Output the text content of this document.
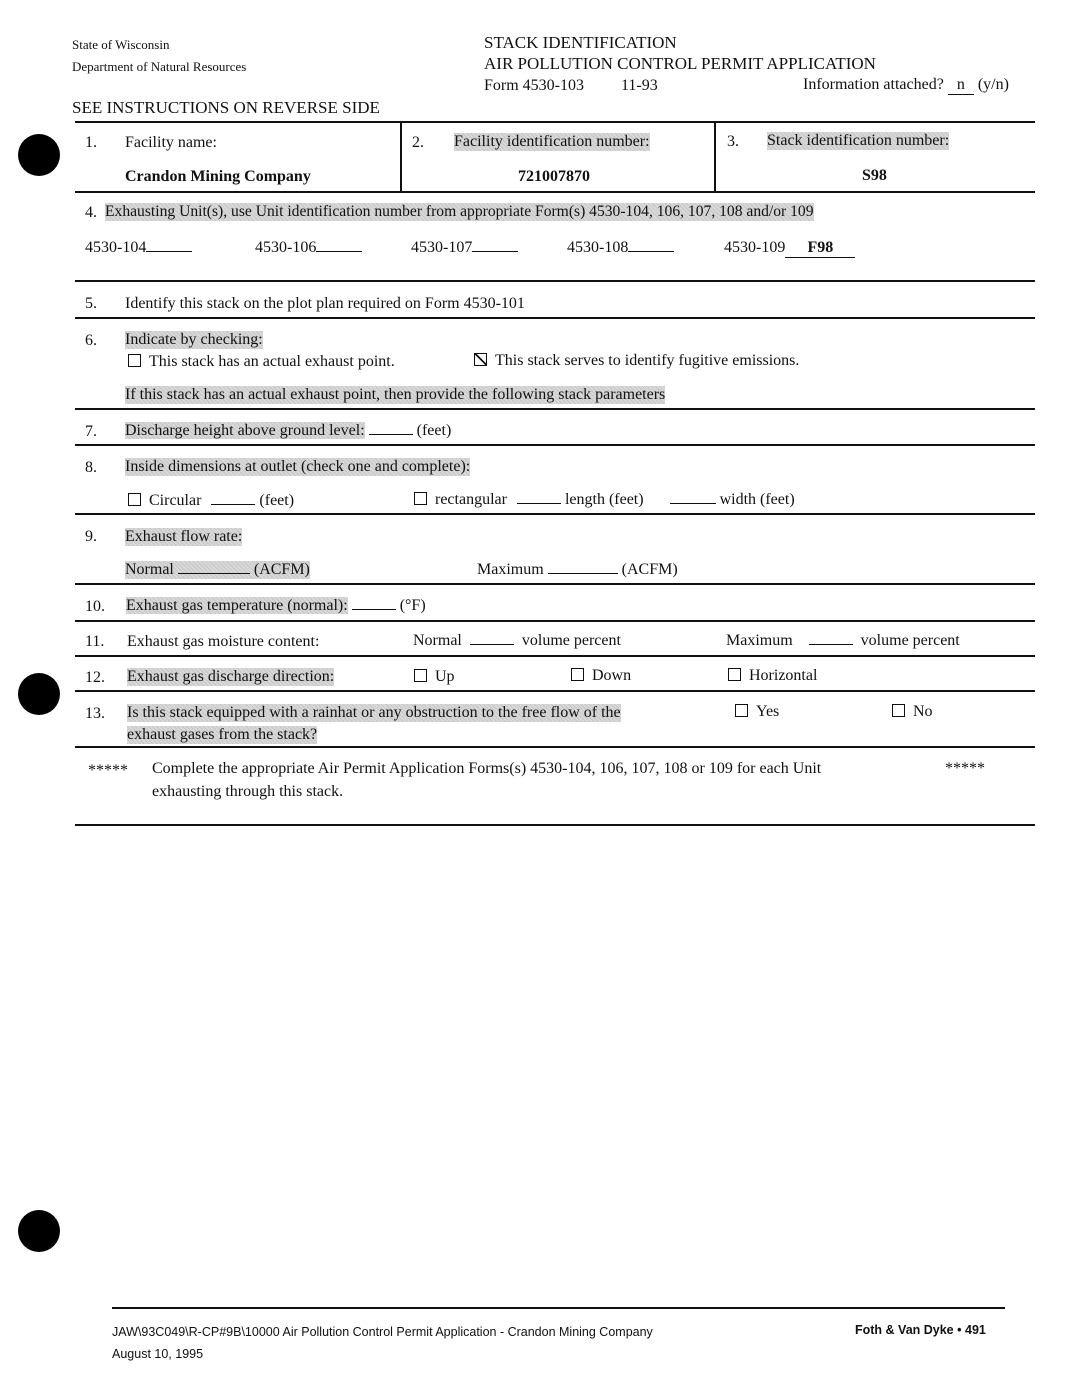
State of Wisconsin
Department of Natural Resources
STACK IDENTIFICATION
AIR POLLUTION CONTROL PERMIT APPLICATION
Form 4530-103 11-93	Information attached? n (y/n)
SEE INSTRUCTIONS ON REVERSE SIDE
1. Facility name:
Crandon Mining Company
2. Facility identification number:
721007870
3. Stack identification number:
S98
4. Exhausting Unit(s), use Unit identification number from appropriate Form(s) 4530-104, 106, 107, 108 and/or 109
4530-104	4530-106	4530-107	4530-108	4530-109 F98
5. Identify this stack on the plot plan required on Form 4530-101
6. Indicate by checking:
This stack has an actual exhaust point.	This stack serves to identify fugitive emissions.
If this stack has an actual exhaust point, then provide the following stack parameters
7. Discharge height above ground level:	(feet)
8. Inside dimensions at outlet (check one and complete):
Circular	(feet)	rectangular	length (feet)	width (feet)
9. Exhaust flow rate:
Normal	(ACFM)	Maximum	(ACFM)
10. Exhaust gas temperature (normal):	(°F)
11. Exhaust gas moisture content:	Normal	volume percent	Maximum	volume percent
12. Exhaust gas discharge direction:	Up	Down	Horizontal
13. Is this stack equipped with a rainhat or any obstruction to the free flow of the
exhaust gases from the stack?
Yes	No
***** Complete the appropriate Air Permit Application Forms(s) 4530-104, 106, 107, 108 or 109 for each Unit	*****
exhausting through this stack.
JAW\93C049\R-CP#9B\10000 Air Pollution Control Permit Application - Crandon Mining Company
August 10, 1995
Foth & Van Dyke • 491
